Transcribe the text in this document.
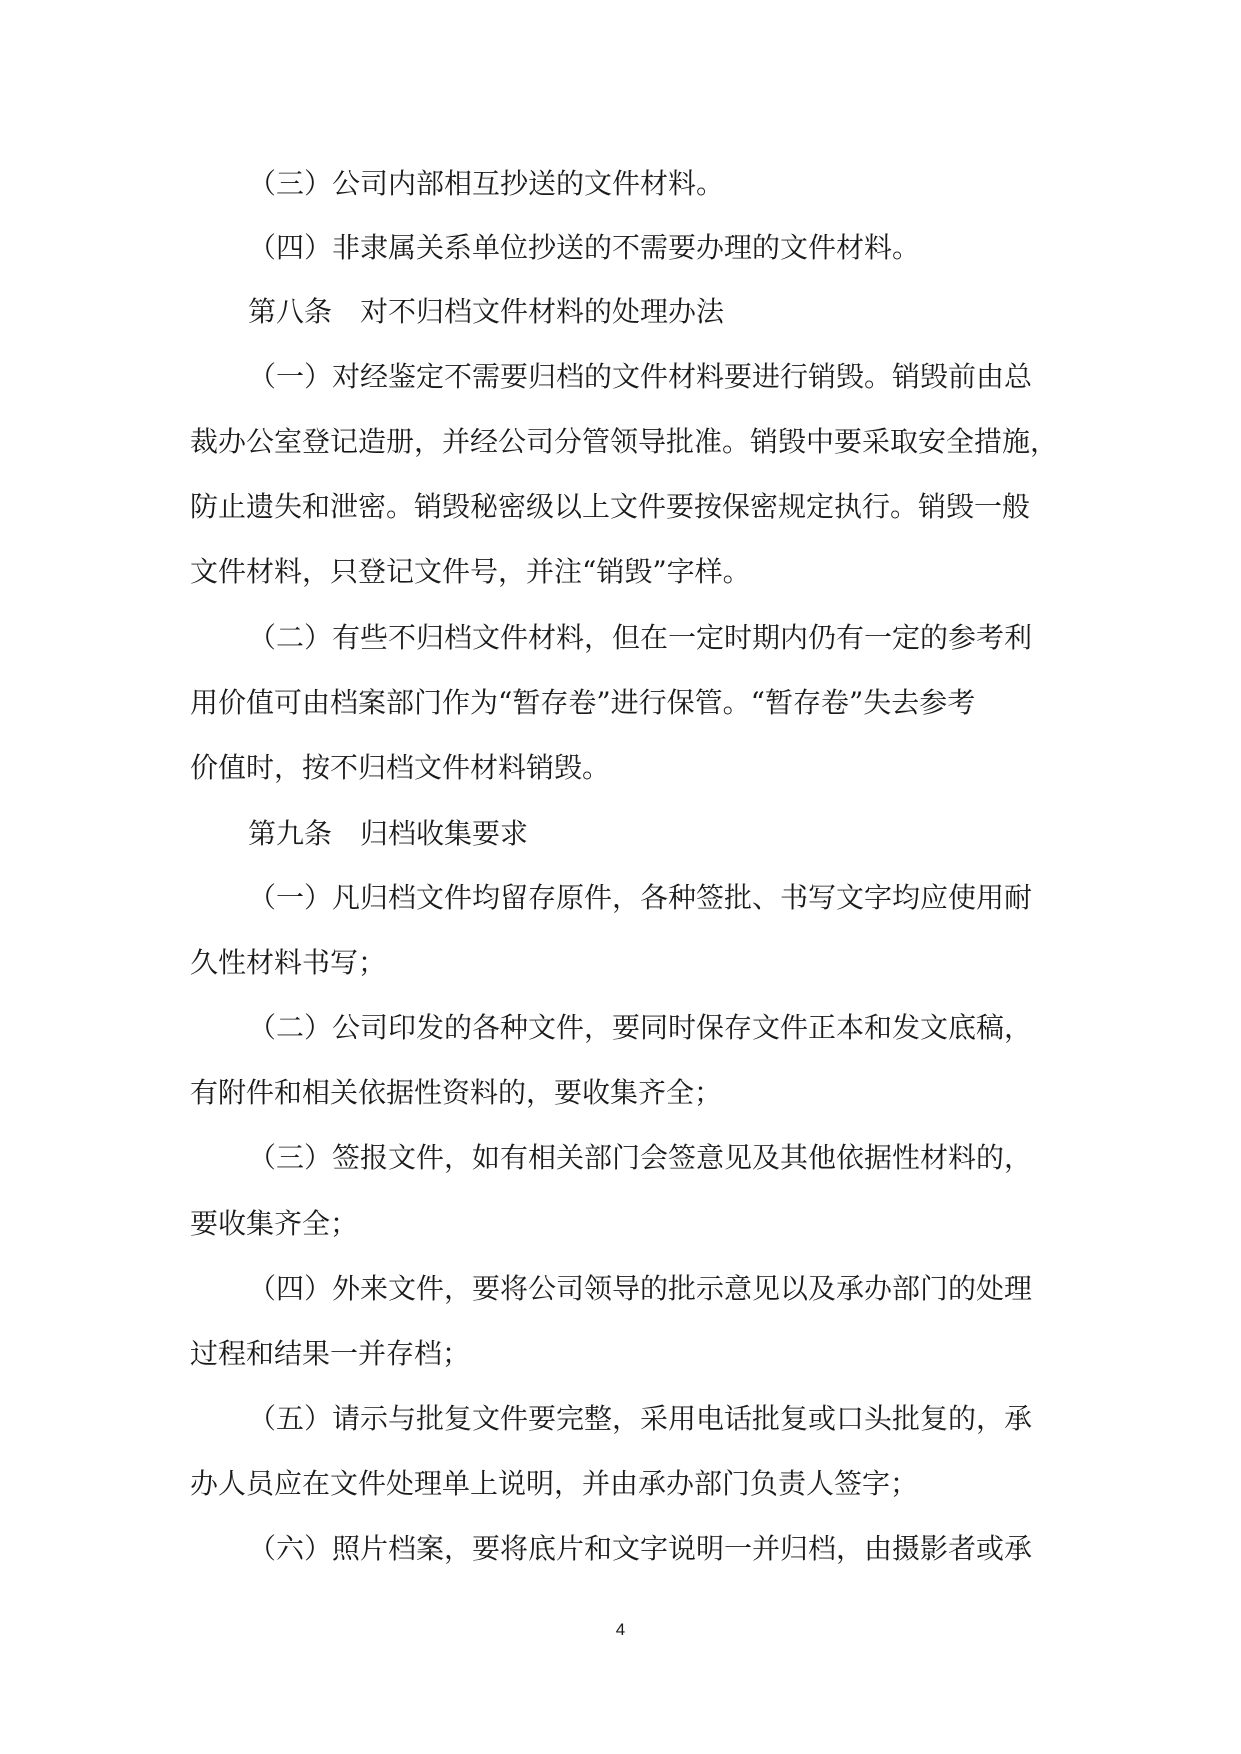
（三）公司内部相互抄送的文件材料。

（四）非隶属关系单位抄送的不需要办理的文件材料。

第八条　对不归档文件材料的处理办法

（一）对经鉴定不需要归档的文件材料要进行销毁。销毁前由总

裁办公室登记造册，并经公司分管领导批准。销毁中要采取安全措施，

防止遗失和泄密。销毁秘密级以上文件要按保密规定执行。销毁一般

文件材料，只登记文件号，并注“销毁”字样。

（二）有些不归档文件材料，但在一定时期内仍有一定的参考利

用价值可由档案部门作为“暂存卷”进行保管。“暂存卷”失去参考

价值时，按不归档文件材料销毁。

第九条　归档收集要求

（一）凡归档文件均留存原件，各种签批、书写文字均应使用耐

久性材料书写；

（二）公司印发的各种文件，要同时保存文件正本和发文底稿，

有附件和相关依据性资料的，要收集齐全；

（三）签报文件，如有相关部门会签意见及其他依据性材料的，

要收集齐全；

（四）外来文件，要将公司领导的批示意见以及承办部门的处理

过程和结果一并存档；

（五）请示与批复文件要完整，采用电话批复或口头批复的，承

办人员应在文件处理单上说明，并由承办部门负责人签字；

（六）照片档案，要将底片和文字说明一并归档，由摄影者或承

4
